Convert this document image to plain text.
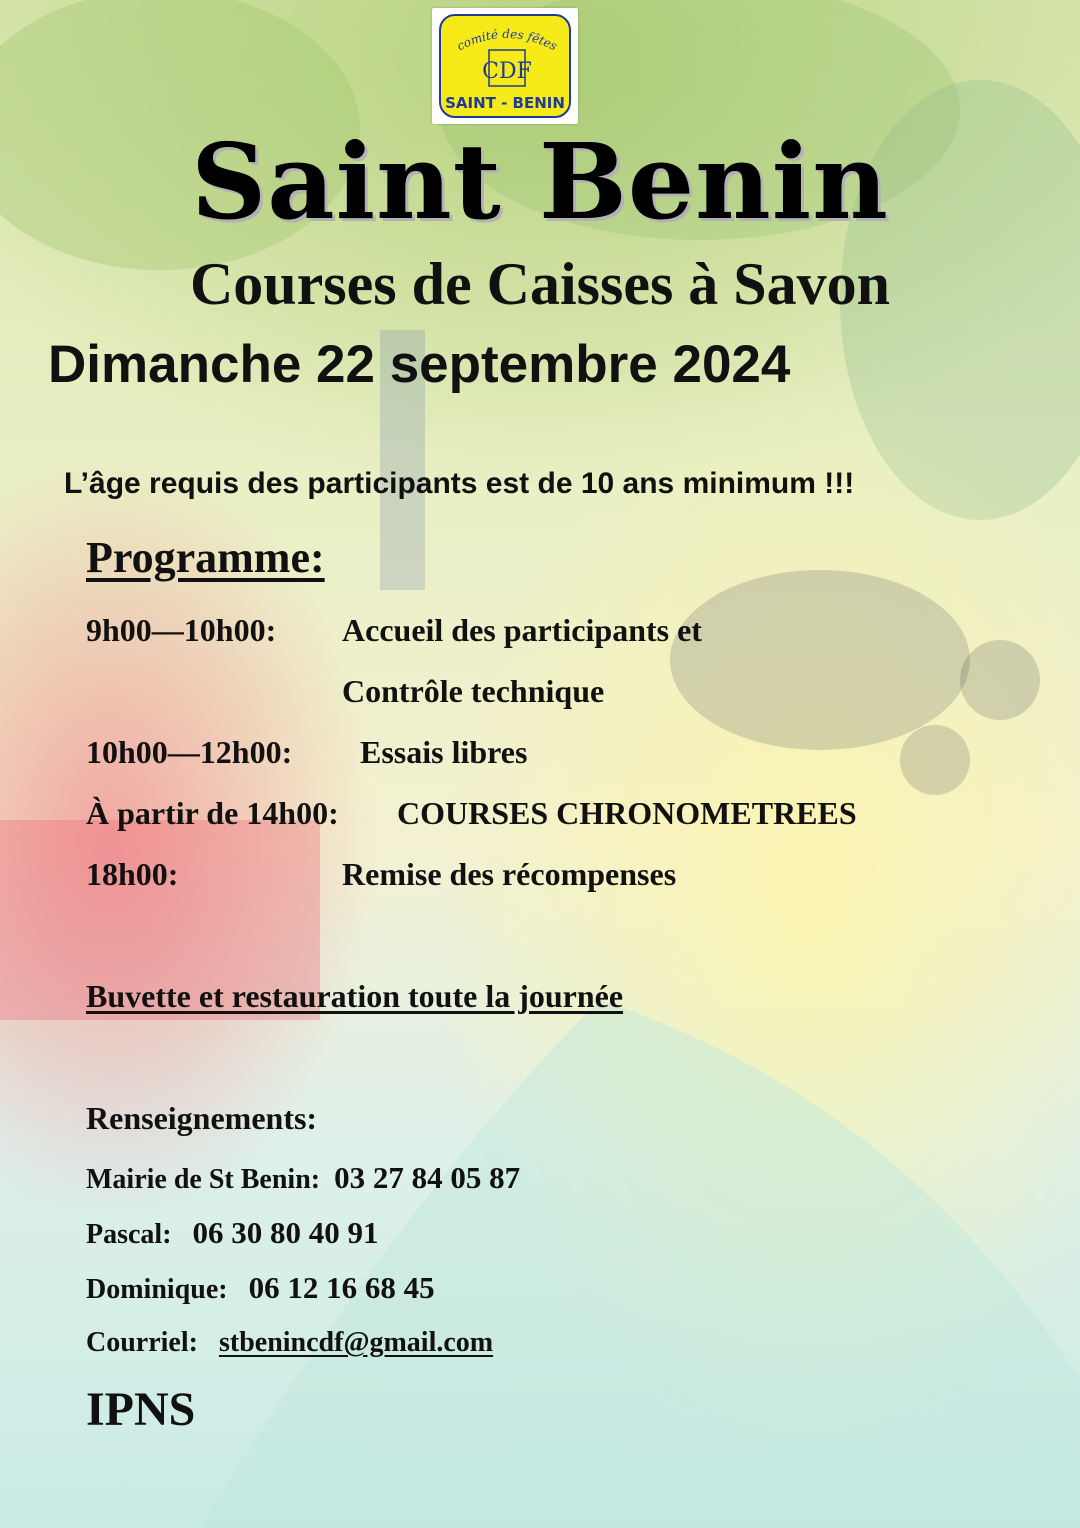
comité des fêtes
CDF
SAINT - BENIN
Saint Benin
Courses de Caisses à Savon
Dimanche 22 septembre 2024
L’âge requis des participants est de 10 ans minimum !!!
Programme:
9h00—10h00: Accueil des participants et
Contrôle technique
10h00—12h00: Essais libres
À partir de 14h00: COURSES CHRONOMETREES
18h00:	Remise des récompenses
Buvette et restauration toute la journée
Renseignements:
Mairie de St Benin: 03 27 84 05 87
Pascal: 06 30 80 40 91
Dominique: 06 12 16 68 45
Courriel: stbenincdf@gmail.com
IPNS
